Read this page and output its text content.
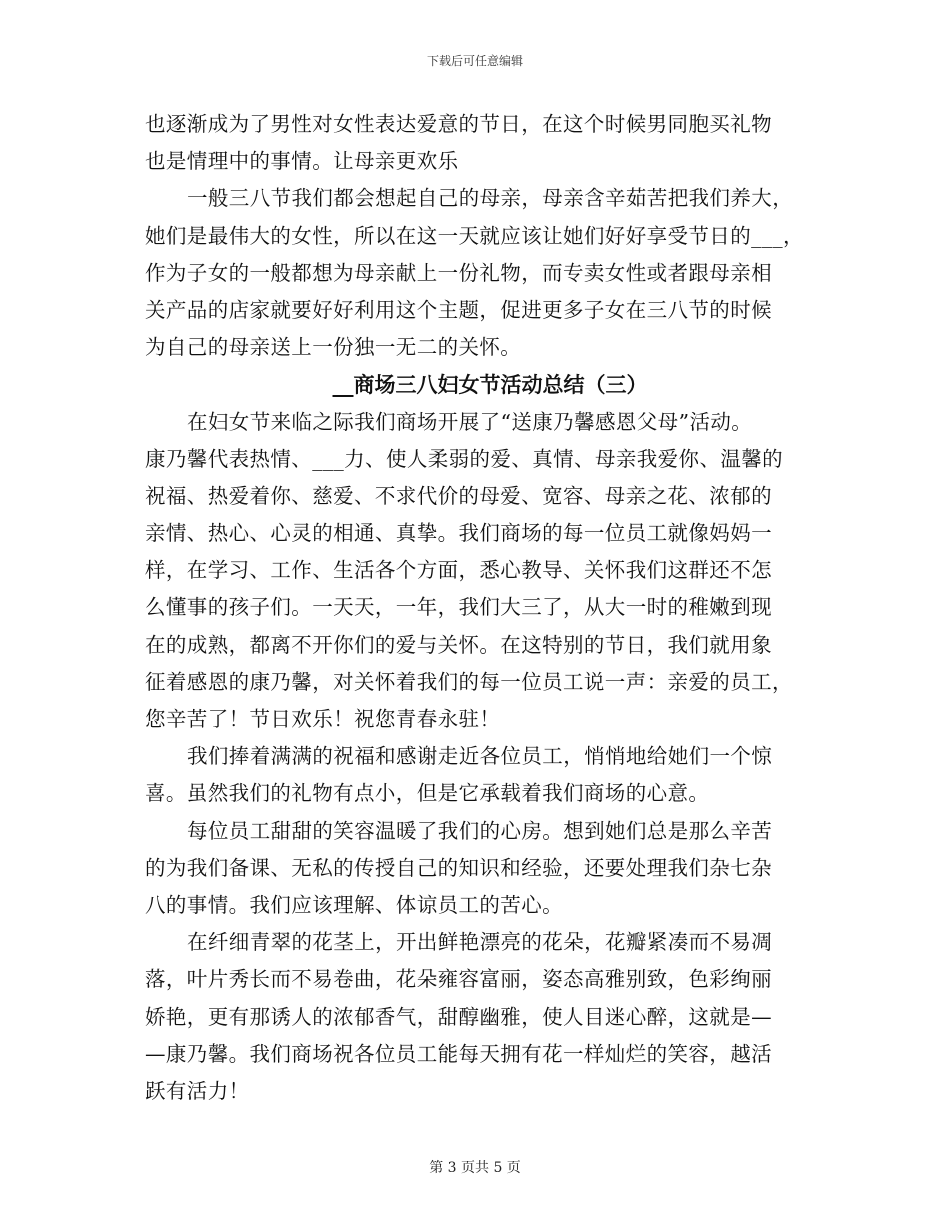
下载后可任意编辑
也逐渐成为了男性对女性表达爱意的节日，在这个时候男同胞买礼物
也是情理中的事情。让母亲更欢乐
一般三八节我们都会想起自己的母亲，母亲含辛茹苦把我们养大，
她们是最伟大的女性，所以在这一天就应该让她们好好享受节日的___，
作为子女的一般都想为母亲献上一份礼物，而专卖女性或者跟母亲相
关产品的店家就要好好利用这个主题，促进更多子女在三八节的时候
为自己的母亲送上一份独一无二的关怀。
__商场三八妇女节活动总结（三）
在妇女节来临之际我们商场开展了“送康乃馨感恩父母”活动。
康乃馨代表热情、___力、使人柔弱的爱、真情、母亲我爱你、温馨的
祝福、热爱着你、慈爱、不求代价的母爱、宽容、母亲之花、浓郁的
亲情、热心、心灵的相通、真挚。我们商场的每一位员工就像妈妈一
样，在学习、工作、生活各个方面，悉心教导、关怀我们这群还不怎
么懂事的孩子们。一天天，一年，我们大三了，从大一时的稚嫩到现
在的成熟，都离不开你们的爱与关怀。在这特别的节日，我们就用象
征着感恩的康乃馨，对关怀着我们的每一位员工说一声：亲爱的员工，
您辛苦了！节日欢乐！祝您青春永驻！
我们捧着满满的祝福和感谢走近各位员工，悄悄地给她们一个惊
喜。虽然我们的礼物有点小，但是它承载着我们商场的心意。
每位员工甜甜的笑容温暖了我们的心房。想到她们总是那么辛苦
的为我们备课、无私的传授自己的知识和经验，还要处理我们杂七杂
八的事情。我们应该理解、体谅员工的苦心。
在纤细青翠的花茎上，开出鲜艳漂亮的花朵，花瓣紧凑而不易凋
落，叶片秀长而不易卷曲，花朵雍容富丽，姿态高雅别致，色彩绚丽
娇艳，更有那诱人的浓郁香气，甜醇幽雅，使人目迷心醉，这就是—
—康乃馨。我们商场祝各位员工能每天拥有花一样灿烂的笑容，越活
跃有活力！
第 3 页共 5 页
